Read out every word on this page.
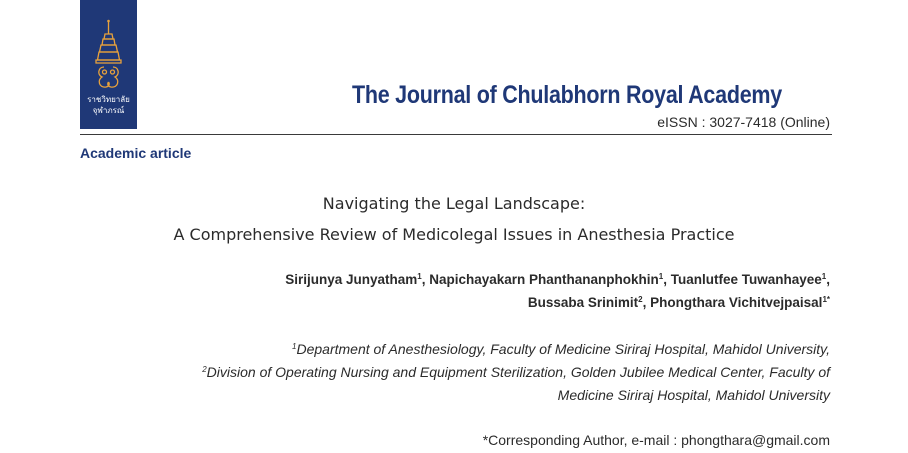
ราชวิทยาลัย
จุฬาภรณ์
The Journal of Chulabhorn Royal Academy
eISSN : 3027-7418 (Online)
Academic article
Navigating the Legal Landscape:
A Comprehensive Review of Medicolegal Issues in Anesthesia Practice
Sirijunya Junyatham$^1$, Napichayakarn Phanthananphokhin$^1$, Tuanlutfee Tuwanhayee$^1$,
Bussaba Srinimit$^2$, Phongthara Vichitvejpaisal$^{1*}$
$^1$Department of Anesthesiology, Faculty of Medicine Siriraj Hospital, Mahidol University,
$^2$Division of Operating Nursing and Equipment Sterilization, Golden Jubilee Medical Center, Faculty of
Medicine Siriraj Hospital, Mahidol University
*Corresponding Author, e-mail : phongthara@gmail.com
